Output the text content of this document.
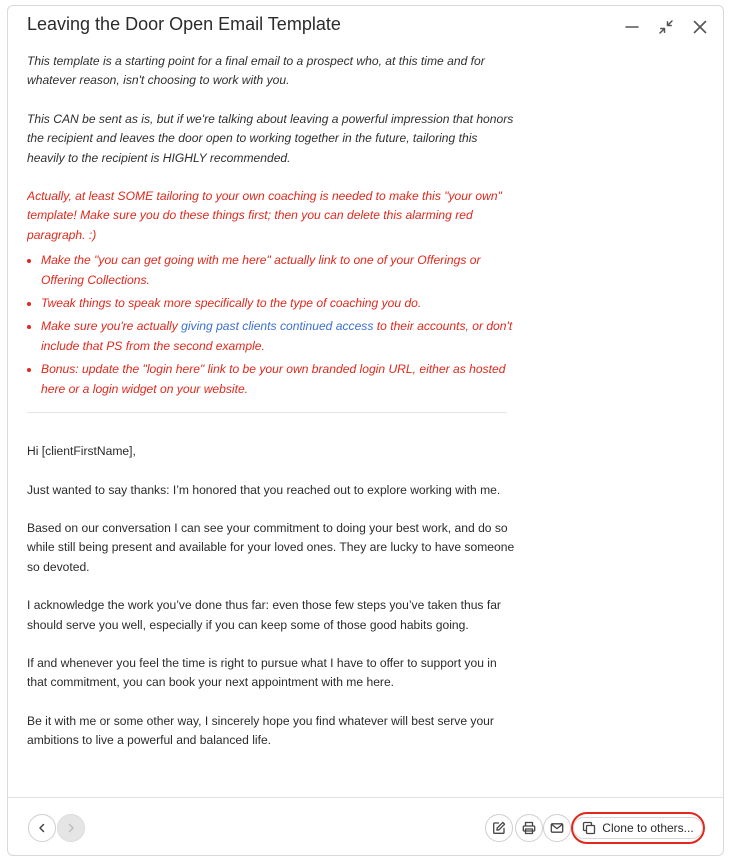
Leaving the Door Open Email Template

This template is a starting point for a final email to a prospect who, at this time and for whatever reason, isn't choosing to work with you.

This CAN be sent as is, but if we're talking about leaving a powerful impression that honors the recipient and leaves the door open to working together in the future, tailoring this heavily to the recipient is HIGHLY recommended.

Actually, at least SOME tailoring to your own coaching is needed to make this "your own" template! Make sure you do these things first; then you can delete this alarming red paragraph. :)

• Make the "you can get going with me here" actually link to one of your Offerings or Offering Collections.
• Tweak things to speak more specifically to the type of coaching you do.
• Make sure you're actually giving past clients continued access to their accounts, or don't include that PS from the second example.
• Bonus: update the "login here" link to be your own branded login URL, either as hosted here or a login widget on your website.

Hi [clientFirstName],

Just wanted to say thanks: I’m honored that you reached out to explore working with me.

Based on our conversation I can see your commitment to doing your best work, and do so while still being present and available for your loved ones. They are lucky to have someone so devoted.

I acknowledge the work you’ve done thus far: even those few steps you’ve taken thus far should serve you well, especially if you can keep some of those good habits going.

If and whenever you feel the time is right to pursue what I have to offer to support you in that commitment, you can book your next appointment with me here.

Be it with me or some other way, I sincerely hope you find whatever will best serve your ambitions to live a powerful and balanced life.

Clone to others...
